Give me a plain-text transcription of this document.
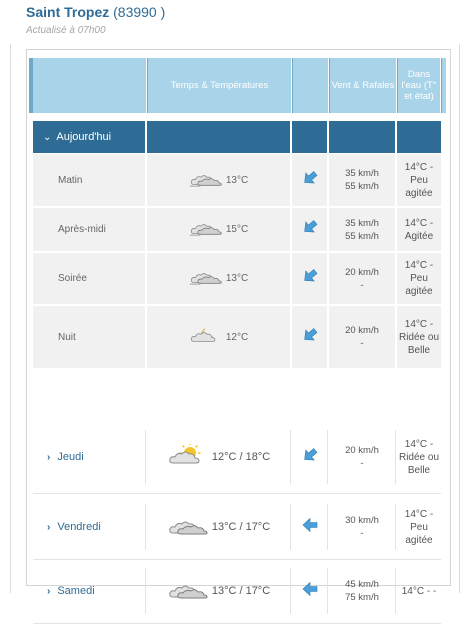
Saint Tropez (83990 )
Actualisé à 07h00
Temps & Températures	Vent & Rafales
Dans l'eau (T° et état)
⌄ Aujourd'hui
Matin	13°C
35 km/h
55 km/h
14°C - Peu agitée
Après-midi	15°C
35 km/h
55 km/h
14°C - Agitée
Soirée	13°C
20 km/h
-
14°C - Peu agitée
Nuit	12°C
20 km/h
-
14°C - Ridée ou Belle
› Jeudi	12°C / 18°C
20 km/h
-
14°C - Ridée ou Belle
› Vendredi	13°C / 17°C
30 km/h
-
14°C - Peu agitée
› Samedi	13°C / 17°C
45 km/h
75 km/h
14°C - -
